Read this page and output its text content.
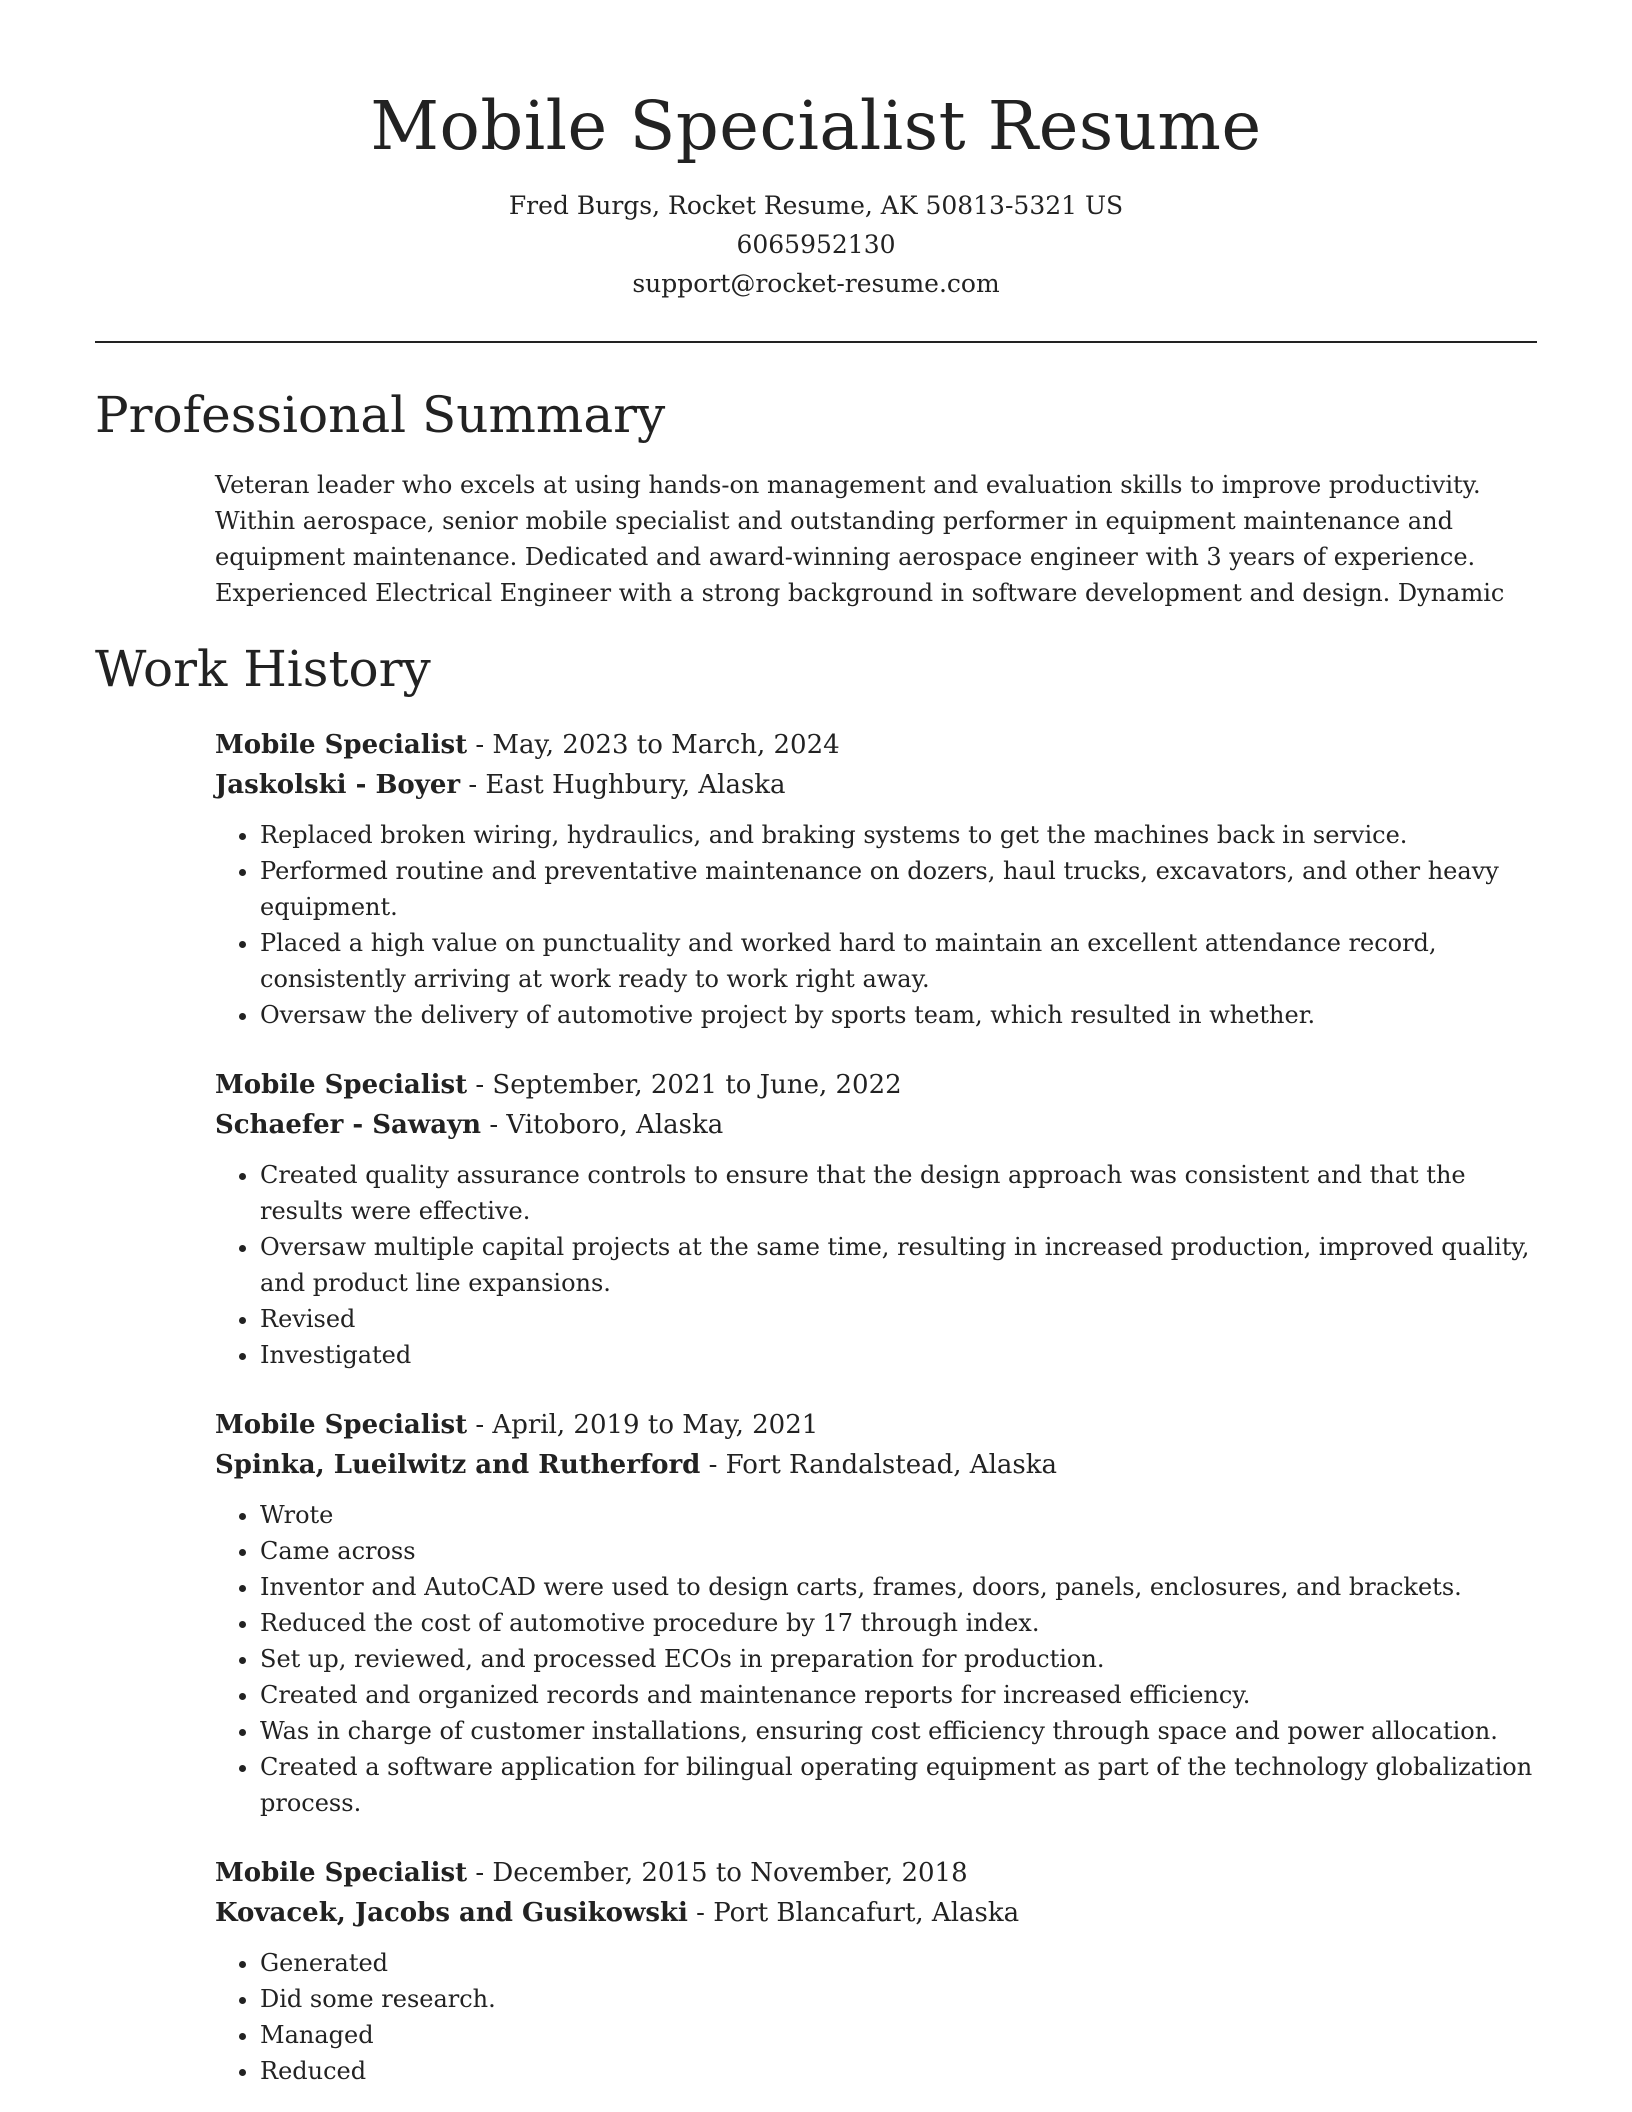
Mobile Specialist Resume
Fred Burgs, Rocket Resume, AK 50813-5321 US
6065952130
support@rocket-resume.com
Professional Summary
Veteran leader who excels at using hands-on management and evaluation skills to improve productivity.
Within aerospace, senior mobile specialist and outstanding performer in equipment maintenance and
equipment maintenance. Dedicated and award-winning aerospace engineer with 3 years of experience.
Experienced Electrical Engineer with a strong background in software development and design. Dynamic
Work History
Mobile Specialist - May, 2023 to March, 2024
Jaskolski - Boyer - East Hughbury, Alaska
• Replaced broken wiring, hydraulics, and braking systems to get the machines back in service.
• Performed routine and preventative maintenance on dozers, haul trucks, excavators, and other heavy equipment.
• Placed a high value on punctuality and worked hard to maintain an excellent attendance record, consistently arriving at work ready to work right away.
• Oversaw the delivery of automotive project by sports team, which resulted in whether.
Mobile Specialist - September, 2021 to June, 2022
Schaefer - Sawayn - Vitoboro, Alaska
• Created quality assurance controls to ensure that the design approach was consistent and that the results were effective.
• Oversaw multiple capital projects at the same time, resulting in increased production, improved quality, and product line expansions.
• Revised
• Investigated
Mobile Specialist - April, 2019 to May, 2021
Spinka, Lueilwitz and Rutherford - Fort Randalstead, Alaska
• Wrote
• Came across
• Inventor and AutoCAD were used to design carts, frames, doors, panels, enclosures, and brackets.
• Reduced the cost of automotive procedure by 17 through index.
• Set up, reviewed, and processed ECOs in preparation for production.
• Created and organized records and maintenance reports for increased efficiency.
• Was in charge of customer installations, ensuring cost efficiency through space and power allocation.
• Created a software application for bilingual operating equipment as part of the technology globalization process.
Mobile Specialist - December, 2015 to November, 2018
Kovacek, Jacobs and Gusikowski - Port Blancafurt, Alaska
• Generated
• Did some research.
• Managed
• Reduced
